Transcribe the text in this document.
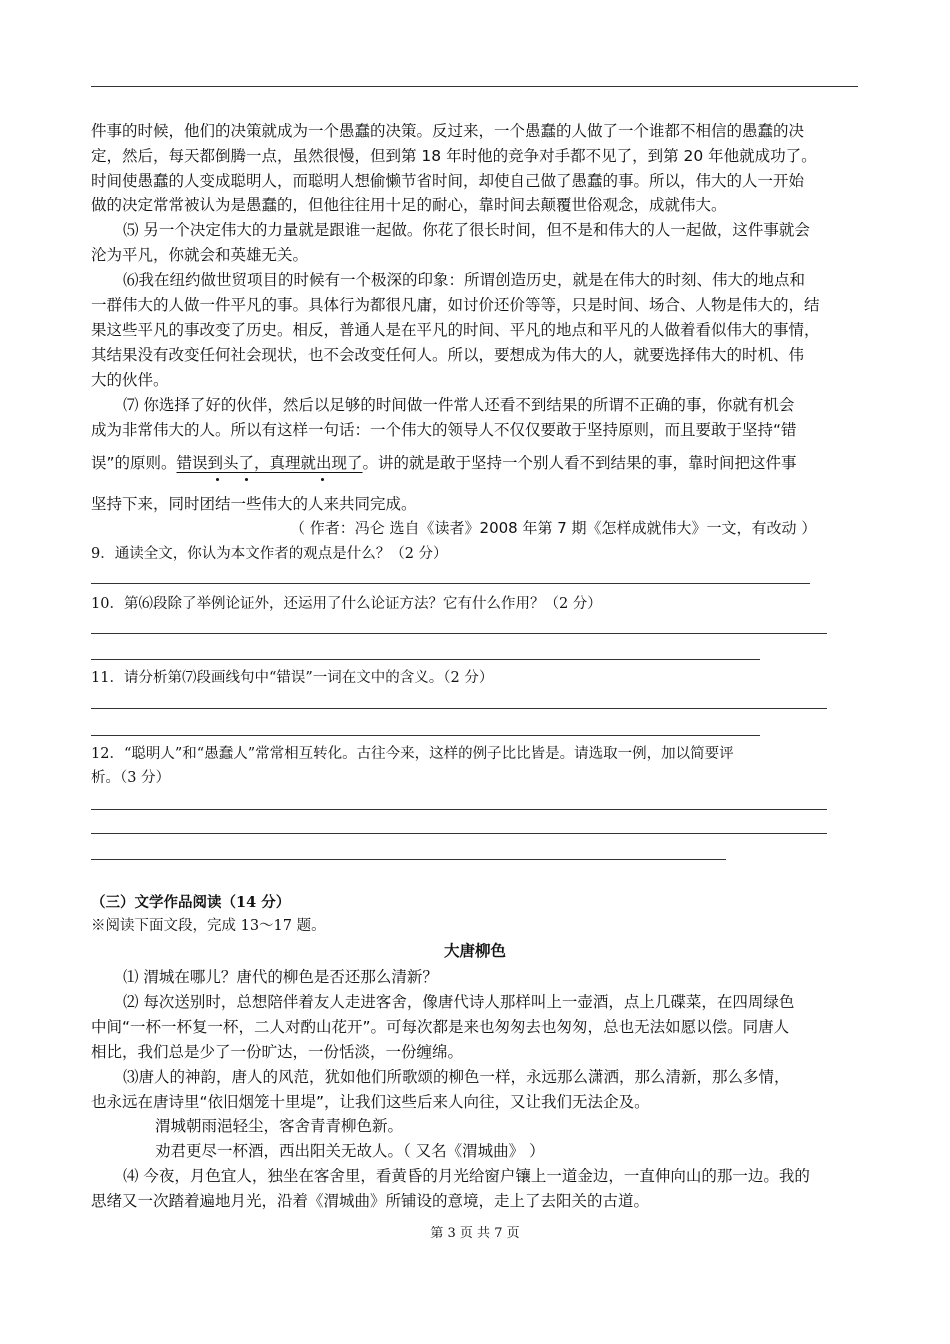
件事的时候，他们的决策就成为一个愚蠢的决策。反过来，一个愚蠢的人做了一个谁都不相信的愚蠢的决
定，然后，每天都倒腾一点，虽然很慢，但到第 18 年时他的竞争对手都不见了，到第 20 年他就成功了。
时间使愚蠢的人变成聪明人，而聪明人想偷懒节省时间，却使自己做了愚蠢的事。所以，伟大的人一开始
做的决定常常被认为是愚蠢的，但他往往用十足的耐心，靠时间去颠覆世俗观念，成就伟大。
⑸ 另一个决定伟大的力量就是跟谁一起做。你花了很长时间，但不是和伟大的人一起做，这件事就会
沦为平凡，你就会和英雄无关。
⑹我在纽约做世贸项目的时候有一个极深的印象：所谓创造历史，就是在伟大的时刻、伟大的地点和
一群伟大的人做一件平凡的事。具体行为都很凡庸，如讨价还价等等，只是时间、场合、人物是伟大的，结
果这些平凡的事改变了历史。相反，普通人是在平凡的时间、平凡的地点和平凡的人做着看似伟大的事情，
其结果没有改变任何社会现状，也不会改变任何人。所以，要想成为伟大的人，就要选择伟大的时机、伟
大的伙伴。
⑺ 你选择了好的伙伴，然后以足够的时间做一件常人还看不到结果的所谓不正确的事，你就有机会
成为非常伟大的人。所以有这样一句话：一个伟大的领导人不仅仅要敢于坚持原则，而且要敢于坚持“错
误”的原则。错误到头了，真理就出现了。讲的就是敢于坚持一个别人看不到结果的事，靠时间把这件事
坚持下来，同时团结一些伟大的人来共同完成。
（ 作者：冯仑 选自《读者》2008 年第 7 期《怎样成就伟大》一文，有改动 ）
9．通读全文，你认为本文作者的观点是什么？（2 分）
10．第⑹段除了举例论证外，还运用了什么论证方法？它有什么作用？（2 分）
11．请分析第⑺段画线句中“错误”一词在文中的含义。（2 分）
12．“聪明人”和“愚蠢人”常常相互转化。古往今来，这样的例子比比皆是。请选取一例，加以简要评
析。（3 分）
（三）文学作品阅读（14 分）
※阅读下面文段，完成 13～17 题。
大唐柳色
⑴ 渭城在哪儿？唐代的柳色是否还那么清新？
⑵ 每次送别时，总想陪伴着友人走进客舍，像唐代诗人那样叫上一壶酒，点上几碟菜，在四周绿色
中间“一杯一杯复一杯，二人对酌山花开”。可每次都是来也匆匆去也匆匆，总也无法如愿以偿。同唐人
相比，我们总是少了一份旷达，一份恬淡，一份缠绵。
⑶唐人的神韵，唐人的风范，犹如他们所歌颂的柳色一样，永远那么潇洒，那么清新，那么多情，
也永远在唐诗里“依旧烟笼十里堤”，让我们这些后来人向往，又让我们无法企及。
渭城朝雨浥轻尘，客舍青青柳色新。
劝君更尽一杯酒，西出阳关无故人。（ 又名《渭城曲》 ）
⑷ 今夜，月色宜人，独坐在客舍里，看黄昏的月光给窗户镶上一道金边，一直伸向山的那一边。我的
思绪又一次踏着遍地月光，沿着《渭城曲》所铺设的意境，走上了去阳关的古道。
第 3 页 共 7 页
